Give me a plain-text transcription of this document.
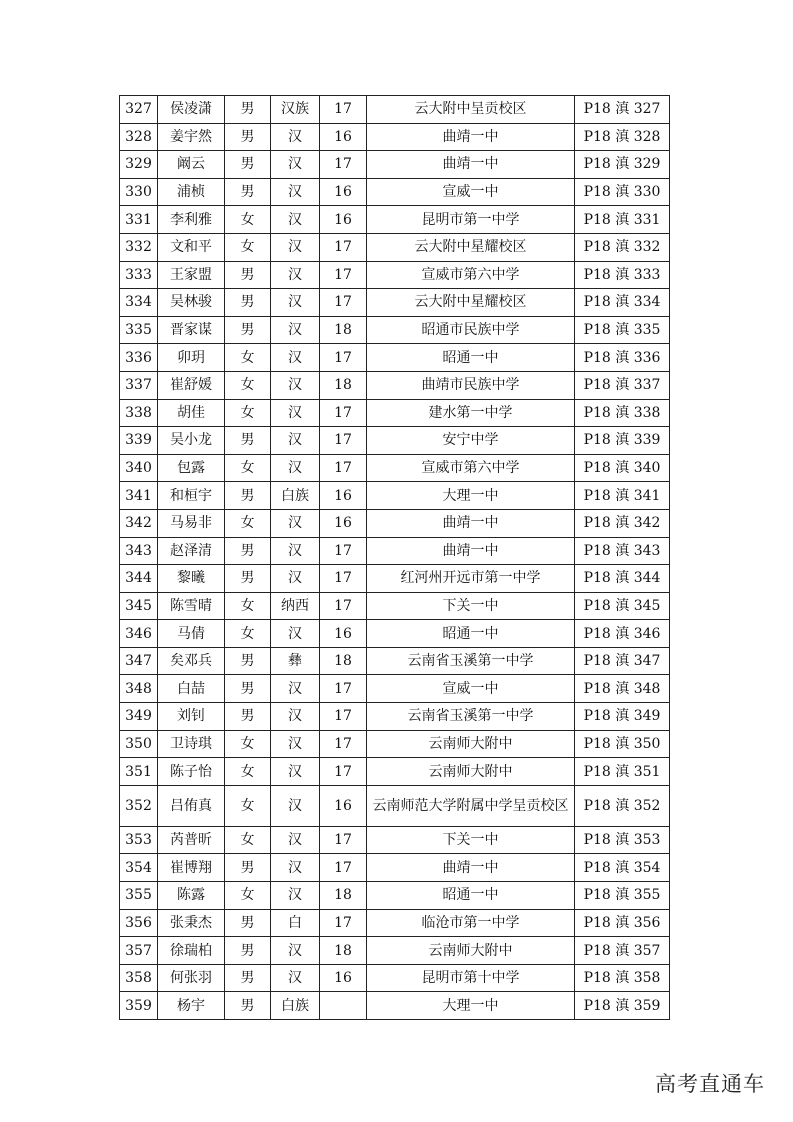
327	侯凌潇	男	汉族	17	云大附中呈贡校区	P18 滇 327
328	姜宇然	男	汉	16	曲靖一中	P18 滇 328
329	阚云	男	汉	17	曲靖一中	P18 滇 329
330	浦桢	男	汉	16	宣威一中	P18 滇 330
331	李利雅	女	汉	16	昆明市第一中学	P18 滇 331
332	文和平	女	汉	17	云大附中星耀校区	P18 滇 332
333	王家盟	男	汉	17	宣威市第六中学	P18 滇 333
334	吴林骏	男	汉	17	云大附中星耀校区	P18 滇 334
335	晋家谋	男	汉	18	昭通市民族中学	P18 滇 335
336	卯玥	女	汉	17	昭通一中	P18 滇 336
337	崔舒媛	女	汉	18	曲靖市民族中学	P18 滇 337
338	胡佳	女	汉	17	建水第一中学	P18 滇 338
339	吴小龙	男	汉	17	安宁中学	P18 滇 339
340	包露	女	汉	17	宣威市第六中学	P18 滇 340
341	和桓宇	男	白族	16	大理一中	P18 滇 341
342	马易非	女	汉	16	曲靖一中	P18 滇 342
343	赵泽清	男	汉	17	曲靖一中	P18 滇 343
344	黎曦	男	汉	17	红河州开远市第一中学	P18 滇 344
345	陈雪晴	女	纳西	17	下关一中	P18 滇 345
346	马倩	女	汉	16	昭通一中	P18 滇 346
347	矣邓兵	男	彝	18	云南省玉溪第一中学	P18 滇 347
348	白喆	男	汉	17	宣威一中	P18 滇 348
349	刘钊	男	汉	17	云南省玉溪第一中学	P18 滇 349
350	卫诗琪	女	汉	17	云南师大附中	P18 滇 350
351	陈子怡	女	汉	17	云南师大附中	P18 滇 351
352	吕侑真	女	汉	16	云南师范大学附属中学呈贡校区	P18 滇 352
353	芮普昕	女	汉	17	下关一中	P18 滇 353
354	崔博翔	男	汉	17	曲靖一中	P18 滇 354
355	陈露	女	汉	18	昭通一中	P18 滇 355
356	张秉杰	男	白	17	临沧市第一中学	P18 滇 356
357	徐瑞柏	男	汉	18	云南师大附中	P18 滇 357
358	何张羽	男	汉	16	昆明市第十中学	P18 滇 358
359	杨宇	男	白族		大理一中	P18 滇 359
高考直通车
